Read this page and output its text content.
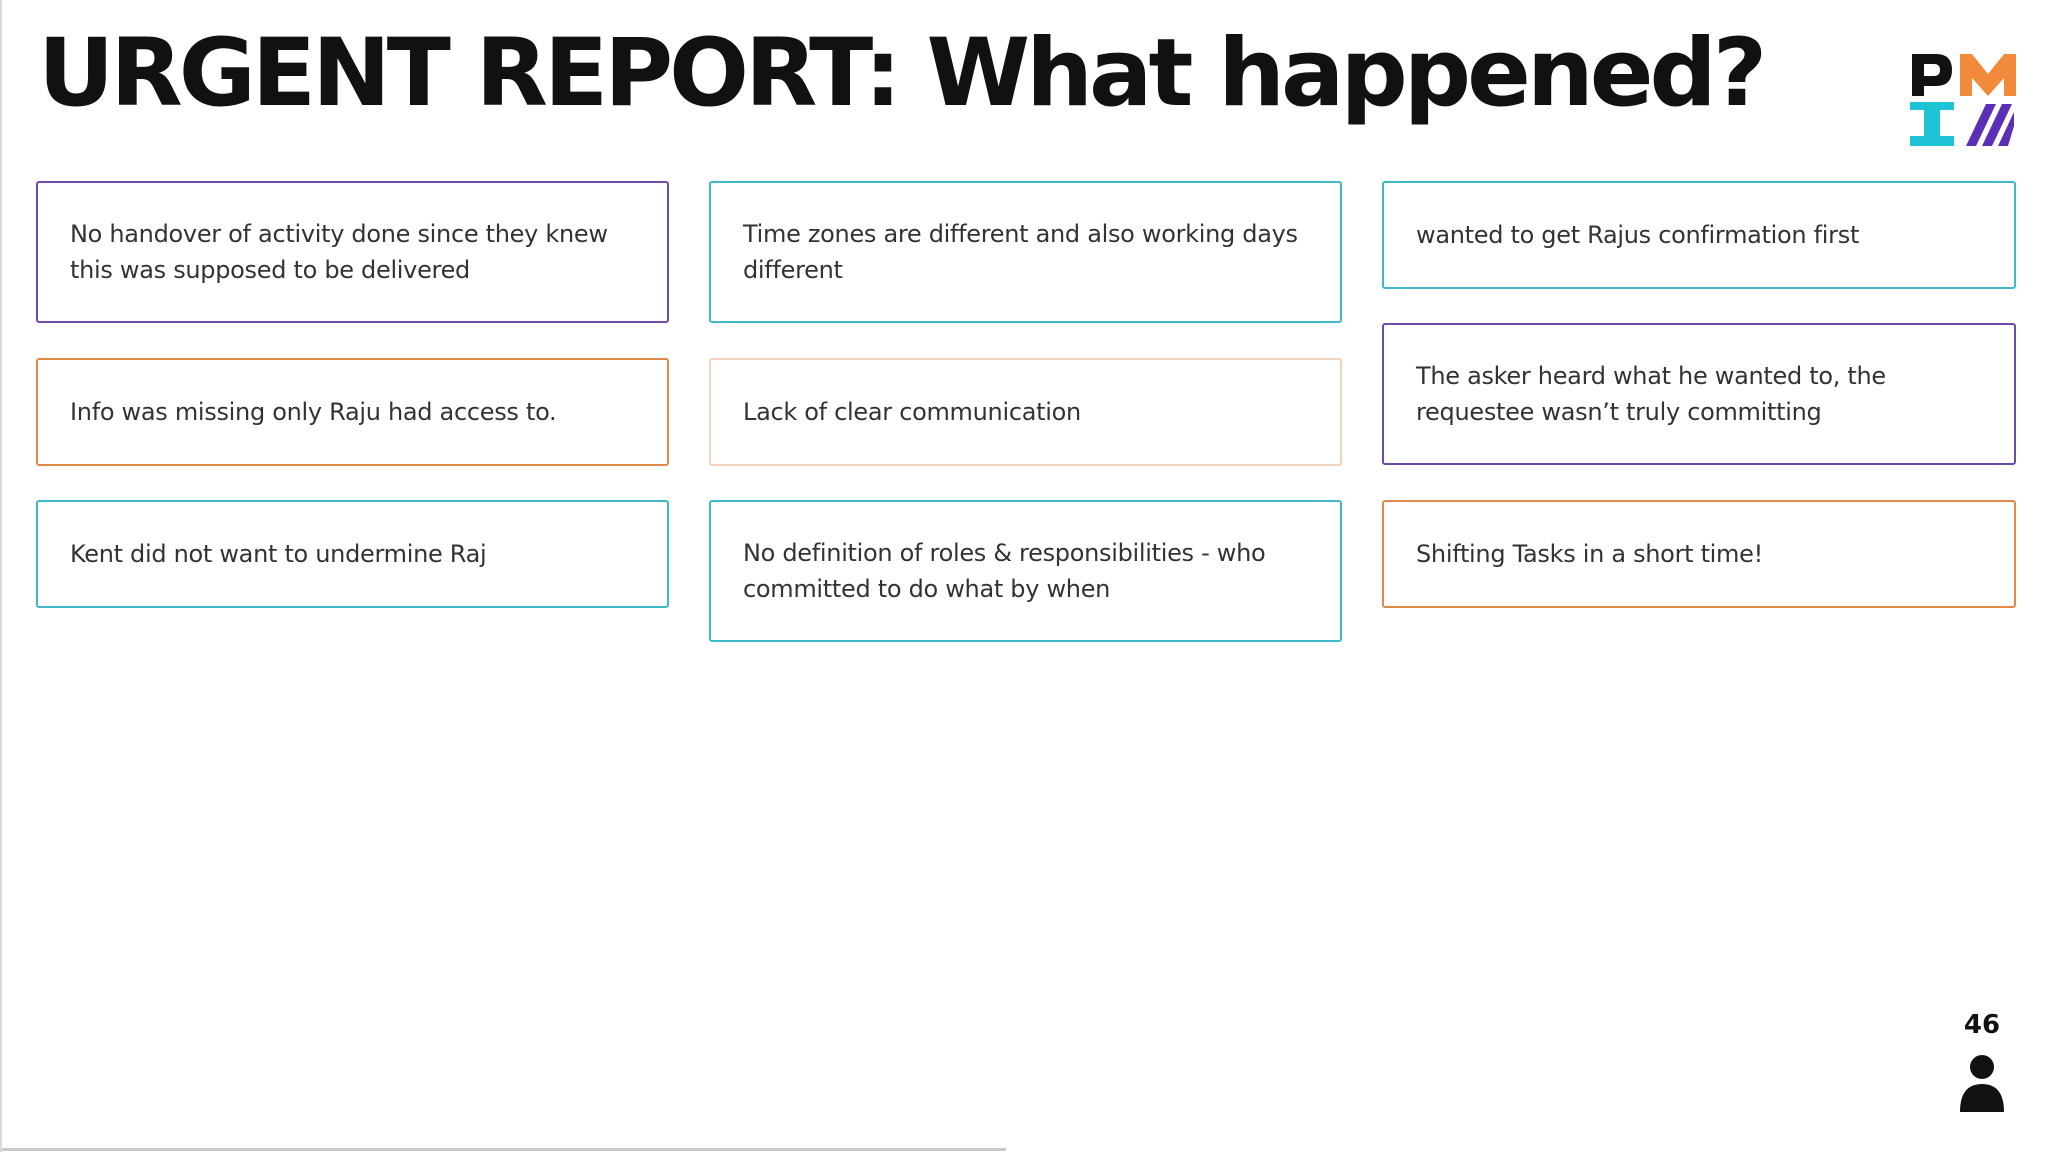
URGENT REPORT: What happened?
No handover of activity done since they knew this was supposed to be delivered
Info was missing only Raju had access to.
Kent did not want to undermine Raj
Time zones are different and also working days different
Lack of clear communication
No definition of roles & responsibilities - who committed to do what by when
wanted to get Rajus confirmation first
The asker heard what he wanted to, the requestee wasn’t truly committing
Shifting Tasks in a short time!
46
